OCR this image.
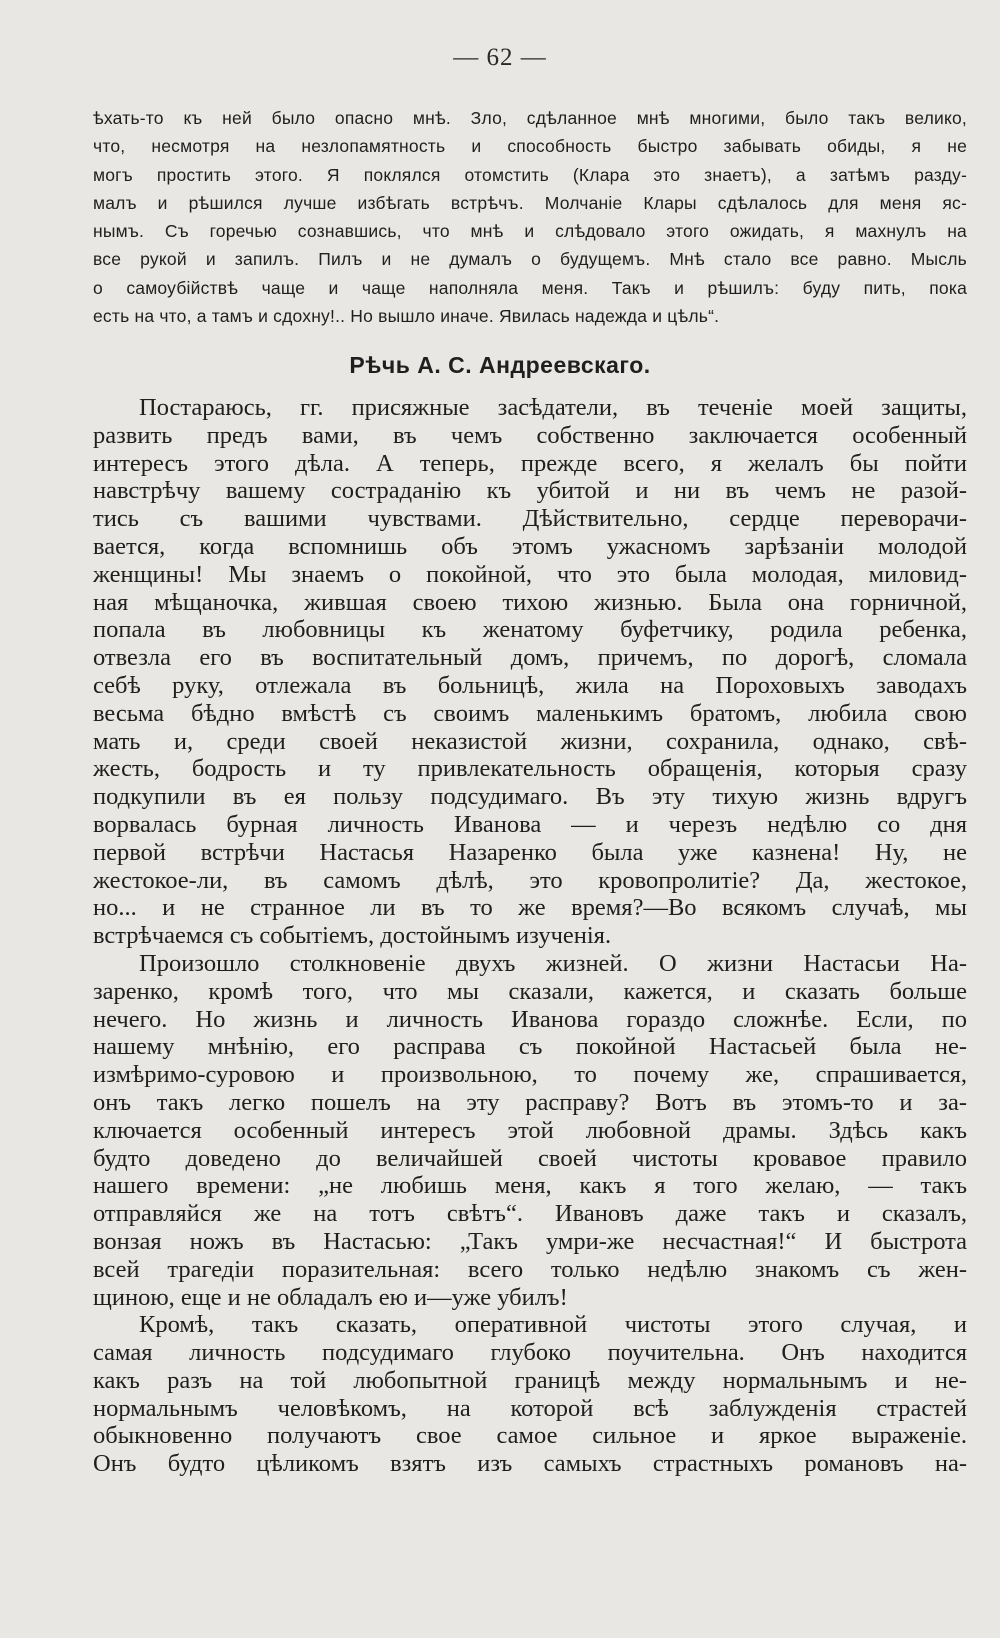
— 62 —
ѣхать-то къ ней было опасно мнѣ. Зло, сдѣланное мнѣ многими, было такъ велико,
что, несмотря на незлопамятность и способность быстро забывать обиды, я не
могъ простить этого. Я поклялся отомстить (Клара это знаетъ), а затѣмъ разду-
малъ и рѣшился лучше избѣгать встрѣчъ. Молчаніе Клары сдѣлалось для меня яс-
нымъ. Съ горечью сознавшись, что мнѣ и слѣдовало этого ожидать, я махнулъ на
все рукой и запилъ. Пилъ и не думалъ о будущемъ. Мнѣ стало все равно. Мысль
о самоубійствѣ чаще и чаще наполняла меня. Такъ и рѣшилъ: буду пить, пока
есть на что, а тамъ и сдохну!.. Но вышло иначе. Явилась надежда и цѣль“.
Рѣчь А. С. Андреевскаго.
Постараюсь, гг. присяжные засѣдатели, въ теченіе моей защиты,
развить предъ вами, въ чемъ собственно заключается особенный
интересъ этого дѣла. А теперь, прежде всего, я желалъ бы пойти
навстрѣчу вашему состраданію къ убитой и ни въ чемъ не разой-
тись съ вашими чувствами. Дѣйствительно, сердце переворачи-
вается, когда вспомнишь объ этомъ ужасномъ зарѣзаніи молодой
женщины! Мы знаемъ о покойной, что это была молодая, миловид-
ная мѣщаночка, жившая своею тихою жизнью. Была она горничной,
попала въ любовницы къ женатому буфетчику, родила ребенка,
отвезла его въ воспитательный домъ, причемъ, по дорогѣ, сломала
себѣ руку, отлежала въ больницѣ, жила на Пороховыхъ заводахъ
весьма бѣдно вмѣстѣ съ своимъ маленькимъ братомъ, любила свою
мать и, среди своей неказистой жизни, сохранила, однако, свѣ-
жесть, бодрость и ту привлекательность обращенія, которыя сразу
подкупили въ ея пользу подсудимаго. Въ эту тихую жизнь вдругъ
ворвалась бурная личность Иванова — и черезъ недѣлю со дня
первой встрѣчи Настасья Назаренко была уже казнена! Ну, не
жестокое-ли, въ самомъ дѣлѣ, это кровопролитіе? Да, жестокое,
но... и не странное ли въ то же время?—Во всякомъ случаѣ, мы
встрѣчаемся съ событіемъ, достойнымъ изученія.
Произошло столкновеніе двухъ жизней. О жизни Настасьи На-
заренко, кромѣ того, что мы сказали, кажется, и сказать больше
нечего. Но жизнь и личность Иванова гораздо сложнѣе. Если, по
нашему мнѣнію, его расправа съ покойной Настасьей была не-
измѣримо-суровою и произвольною, то почему же, спрашивается,
онъ такъ легко пошелъ на эту расправу? Вотъ въ этомъ-то и за-
ключается особенный интересъ этой любовной драмы. Здѣсь какъ
будто доведено до величайшей своей чистоты кровавое правило
нашего времени: „не любишь меня, какъ я того желаю, — такъ
отправляйся же на тотъ свѣтъ“. Ивановъ даже такъ и сказалъ,
вонзая ножъ въ Настасью: „Такъ умри-же несчастная!“ И быстрота
всей трагедіи поразительная: всего только недѣлю знакомъ съ жен-
щиною, еще и не обладалъ ею и—уже убилъ!
Кромѣ, такъ сказать, оперативной чистоты этого случая, и
самая личность подсудимаго глубоко поучительна. Онъ находится
какъ разъ на той любопытной границѣ между нормальнымъ и не-
нормальнымъ человѣкомъ, на которой всѣ заблужденія страстей
обыкновенно получаютъ свое самое сильное и яркое выраженіе.
Онъ будто цѣликомъ взятъ изъ самыхъ страстныхъ романовъ на-
